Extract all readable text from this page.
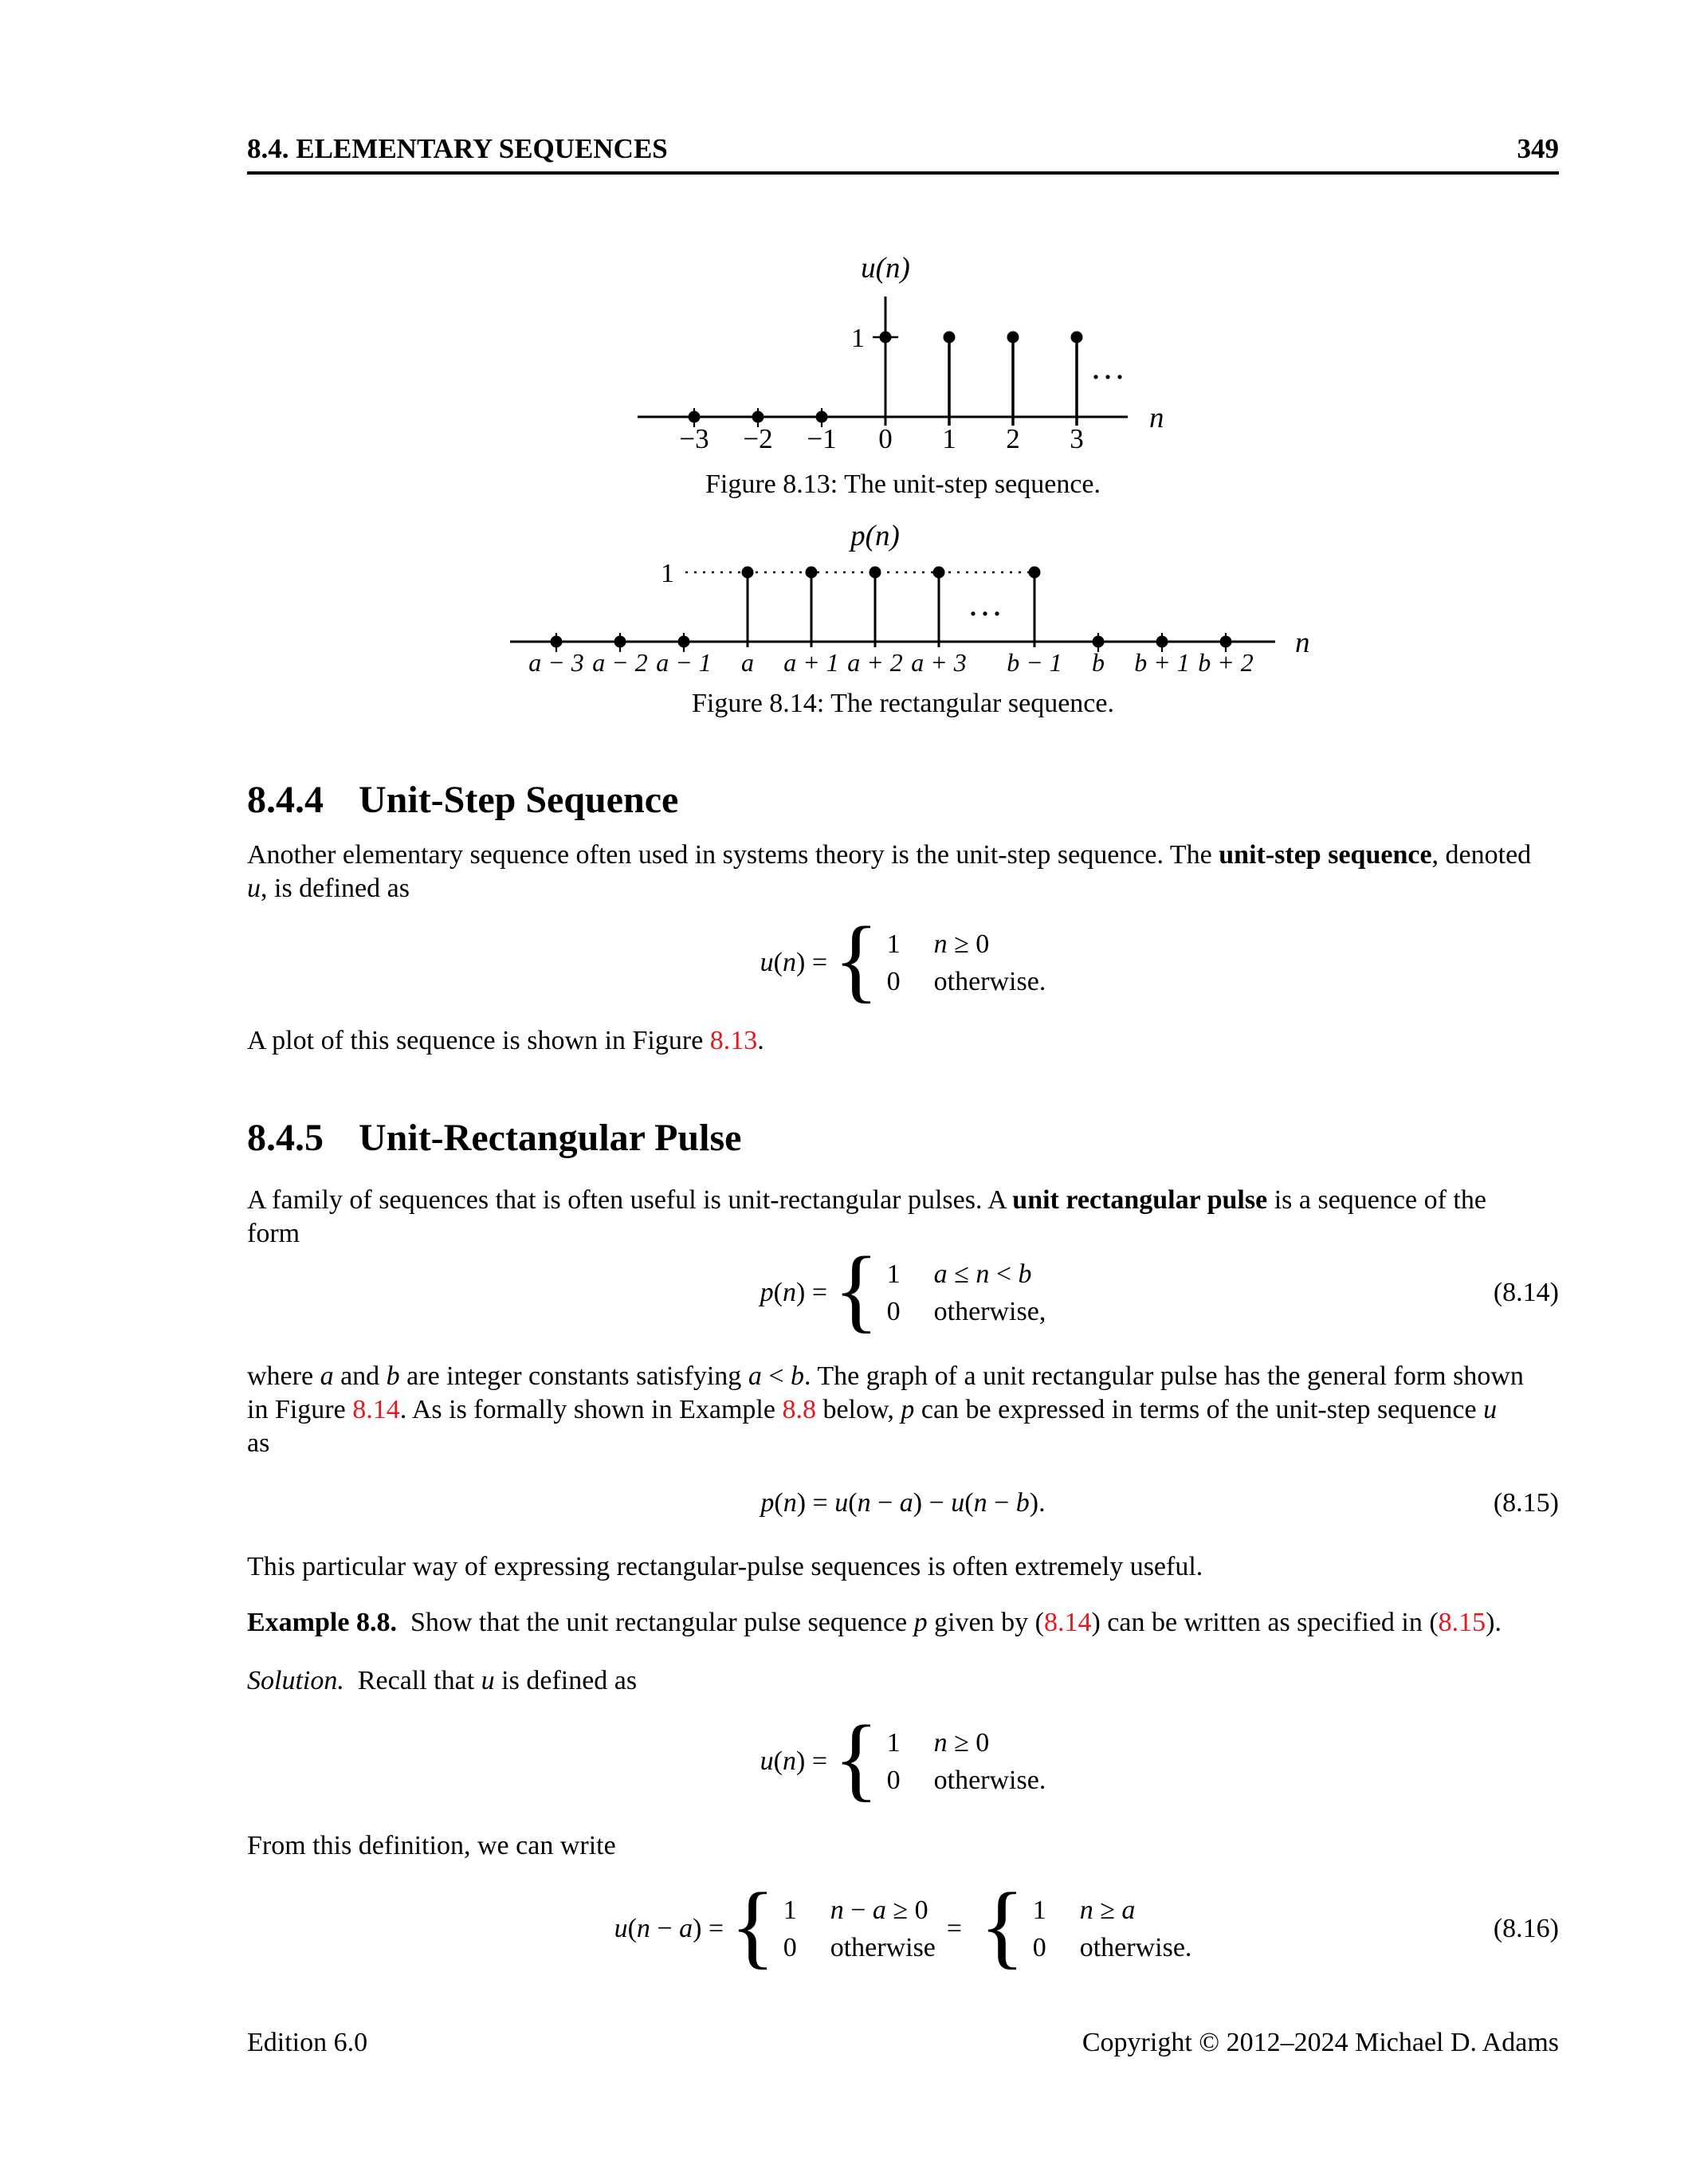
8.4. ELEMENTARY SEQUENCES	349
u(n)
1
...
n
−3 −2 −1 0 1 2 3
Figure 8.13: The unit-step sequence.
p(n)
1
...
n
a − 3 a − 2 a − 1 a a + 1 a + 2 a + 3 b − 1 b b + 1 b + 2
Figure 8.14: The rectangular sequence.
8.4.4 Unit-Step Sequence
Another elementary sequence often used in systems theory is the unit-step sequence. The unit-step sequence, denoted
u, is defined as
u(n) = { 1 n ≥ 0
0 otherwise.
A plot of this sequence is shown in Figure 8.13.
8.4.5 Unit-Rectangular Pulse
A family of sequences that is often useful is unit-rectangular pulses. A unit rectangular pulse is a sequence of the
form
p(n) = { 1 a ≤ n < b
0 otherwise,
(8.14)
where a and b are integer constants satisfying a < b. The graph of a unit rectangular pulse has the general form shown
in Figure 8.14. As is formally shown in Example 8.8 below, p can be expressed in terms of the unit-step sequence u
as
p(n) = u(n − a) − u(n − b).	(8.15)
This particular way of expressing rectangular-pulse sequences is often extremely useful.
Example 8.8.  Show that the unit rectangular pulse sequence p given by (8.14) can be written as specified in (8.15).
Solution.  Recall that u is defined as
u(n) = { 1 n ≥ 0
0 otherwise.
From this definition, we can write
u(n − a) = { 1 n − a ≥ 0
0 otherwise
= { 1 n ≥ a
0 otherwise.
(8.16)
Edition 6.0	Copyright © 2012–2024 Michael D. Adams
